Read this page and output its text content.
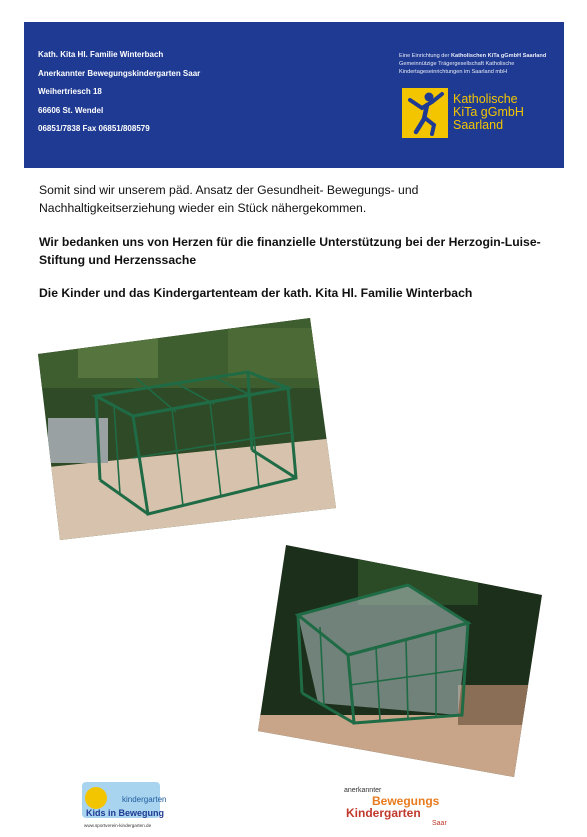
Kath. Kita Hl. Familie Winterbach
Anerkannter Bewegungskindergarten Saar
Weihertriesch 18
66606 St. Wendel
06851/7838 Fax 06851/808579
Eine Einrichtung der Katholischen KiTa gGmbH Saarland
Gemeinnützige Trägergesellschaft Katholische
Kindertageseinrichtungen im Saarland mbH
Katholische
KiTa gGmbH
Saarland
Somit sind wir unserem päd. Ansatz der Gesundheit- Bewegungs- und Nachhaltigkeitserziehung wieder ein Stück nähergekommen.
Wir bedanken uns von Herzen für die finanzielle Unterstützung bei der Herzogin-Luise-Stiftung und Herzenssache
Die Kinder und das Kindergartenteam der kath. Kita Hl. Familie Winterbach
kindergarten
Kids in Bewegung
www.sportverein-kindergarten.de
anerkannter
Bewegungs
Kindergarten
Saar
